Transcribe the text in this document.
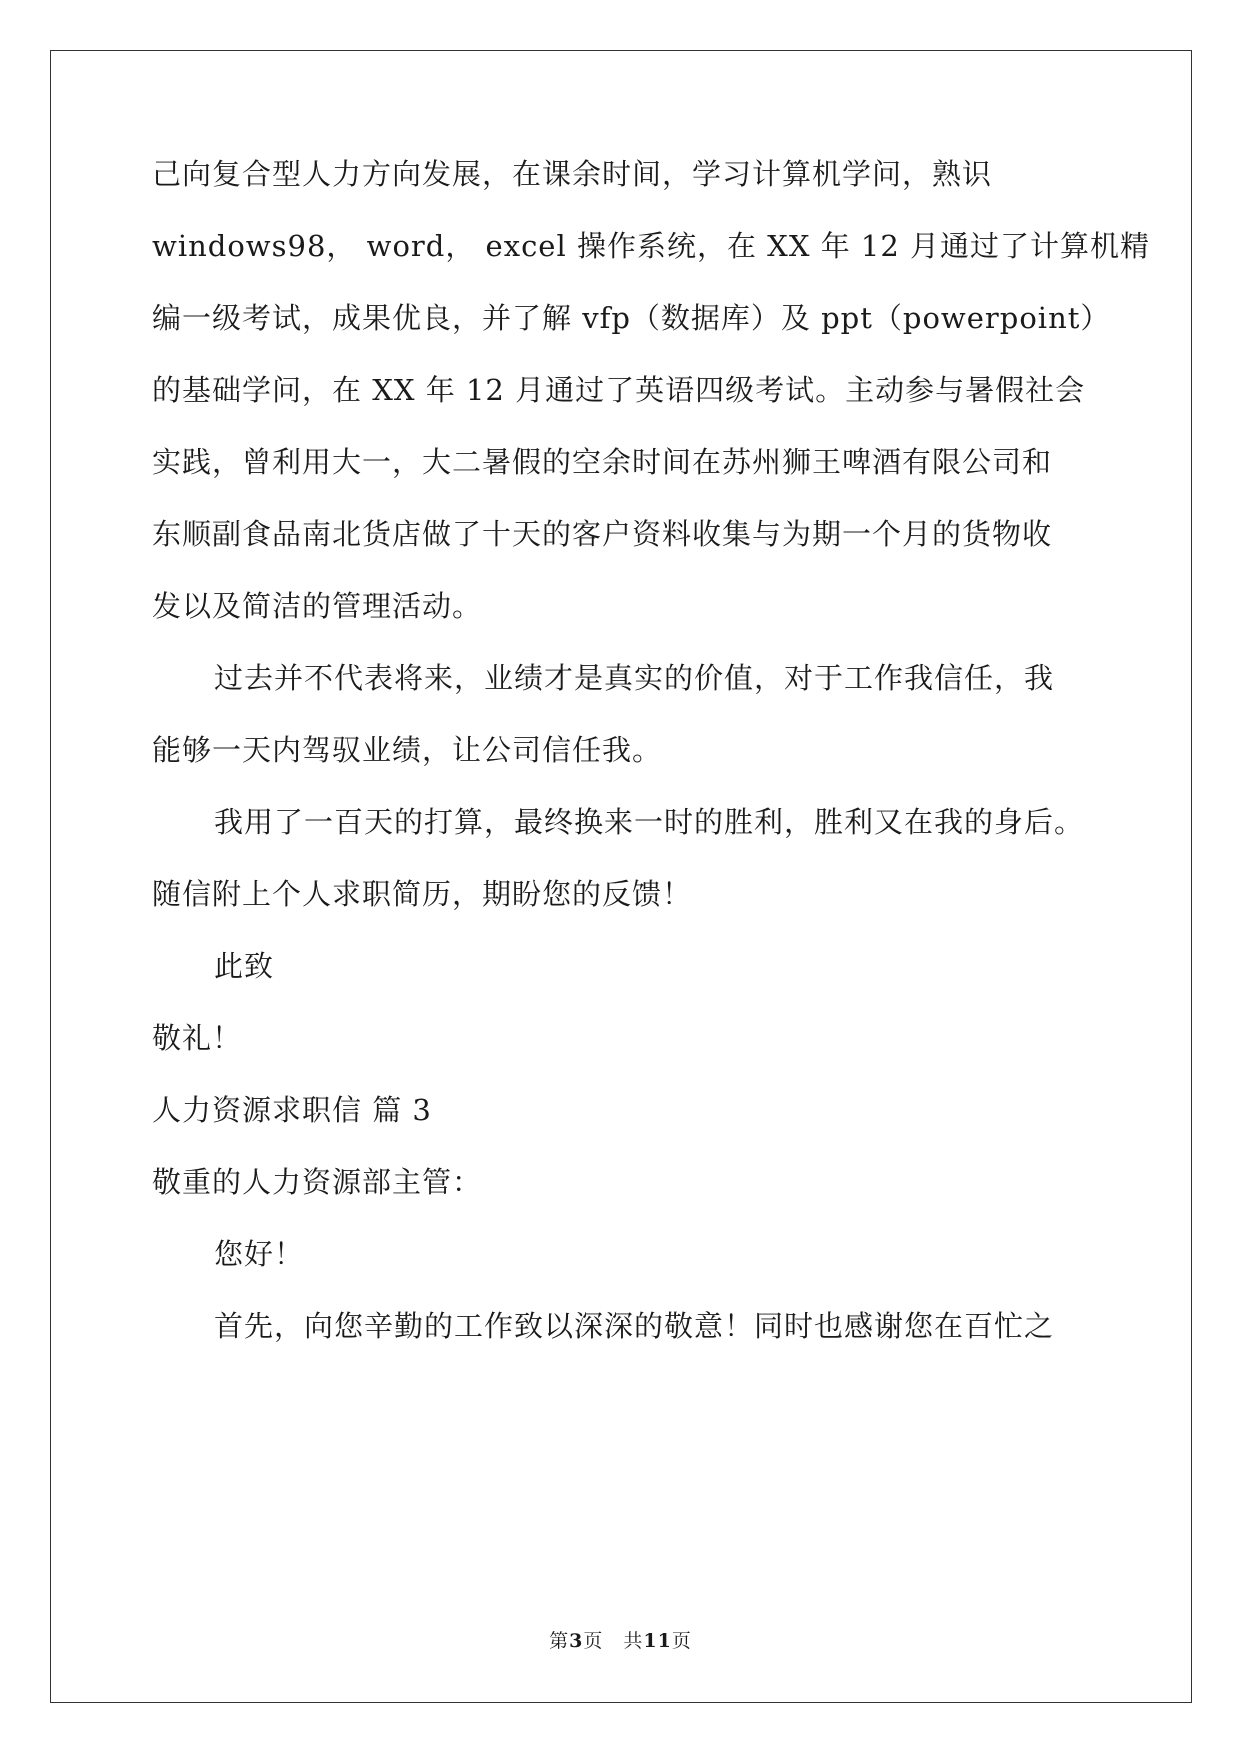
己向复合型人力方向发展，在课余时间，学习计算机学问，熟识
windows98， word， excel 操作系统，在 XX 年 12 月通过了计算机精
编一级考试，成果优良，并了解 vfp（数据库）及 ppt（powerpoint）
的基础学问，在 XX 年 12 月通过了英语四级考试。主动参与暑假社会
实践，曾利用大一，大二暑假的空余时间在苏州狮王啤酒有限公司和
东顺副食品南北货店做了十天的客户资料收集与为期一个月的货物收
发以及简洁的管理活动。
过去并不代表将来，业绩才是真实的价值，对于工作我信任，我
能够一天内驾驭业绩，让公司信任我。
我用了一百天的打算，最终换来一时的胜利，胜利又在我的身后。
随信附上个人求职简历，期盼您的反馈！
此致
敬礼！
人力资源求职信 篇 3
敬重的人力资源部主管：
您好！
首先，向您辛勤的工作致以深深的敬意！同时也感谢您在百忙之
第3页　共11页
